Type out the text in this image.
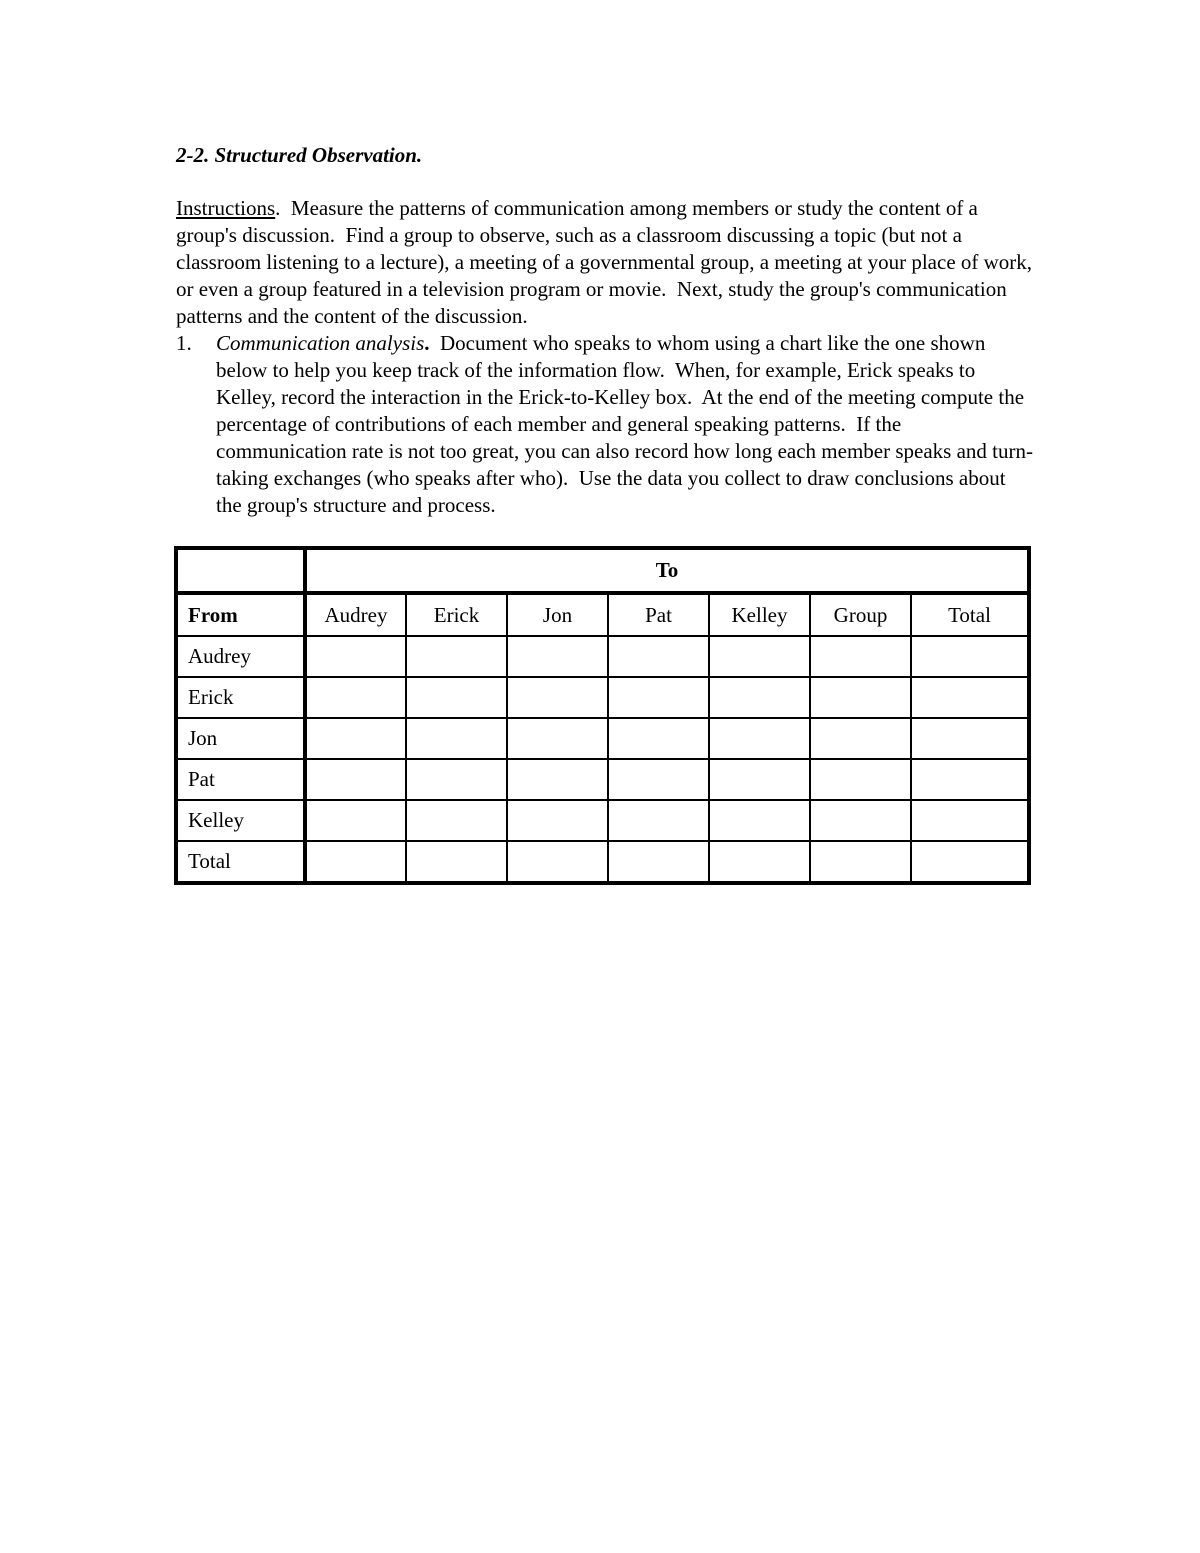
2-2. Structured Observation.

Instructions.  Measure the patterns of communication among members or study the content of a group's discussion.  Find a group to observe, such as a classroom discussing a topic (but not a classroom listening to a lecture), a meeting of a governmental group, a meeting at your place of work, or even a group featured in a television program or movie.  Next, study the group's communication patterns and the content of the discussion.

1.	Communication analysis.  Document who speaks to whom using a chart like the one shown below to help you keep track of the information flow.  When, for example, Erick speaks to Kelley, record the interaction in the Erick-to-Kelley box.  At the end of the meeting compute the percentage of contributions of each member and general speaking patterns.  If the communication rate is not too great, you can also record how long each member speaks and turn-taking exchanges (who speaks after who).  Use the data you collect to draw conclusions about the group's structure and process.
	To						
From	Audrey	Erick	Jon	Pat	Kelley	Group	Total
Audrey							
Erick							
Jon							
Pat							
Kelley							
Total							
